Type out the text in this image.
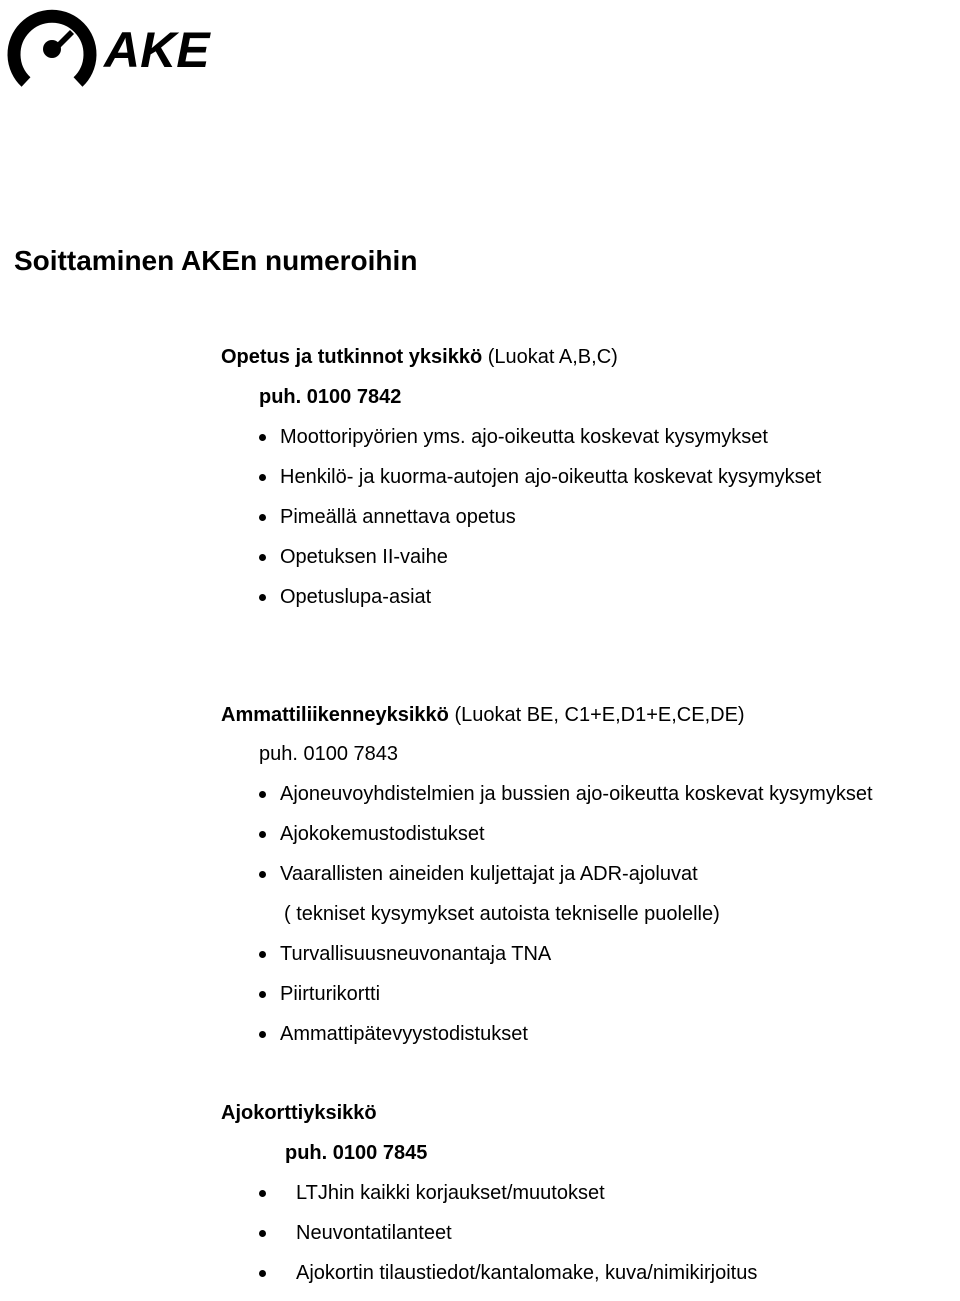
AKE
Soittaminen AKEn numeroihin
Opetus ja tutkinnot yksikkö (Luokat A,B,C)
puh. 0100 7842
Moottoripyörien yms. ajo-oikeutta koskevat kysymykset
Henkilö- ja kuorma-autojen ajo-oikeutta koskevat kysymykset
Pimeällä annettava opetus
Opetuksen II-vaihe
Opetuslupa-asiat
Ammattiliikenneyksikkö (Luokat BE, C1+E,D1+E,CE,DE)
puh. 0100 7843
Ajoneuvoyhdistelmien ja bussien ajo-oikeutta koskevat kysymykset
Ajokokemustodistukset
Vaarallisten aineiden kuljettajat ja ADR-ajoluvat
( tekniset kysymykset autoista tekniselle puolelle)
Turvallisuusneuvonantaja TNA
Piirturikortti
Ammattipätevyystodistukset
Ajokorttiyksikkö
puh. 0100 7845
LTJhin kaikki korjaukset/muutokset
Neuvontatilanteet
Ajokortin tilaustiedot/kantalomake, kuva/nimikirjoitus
